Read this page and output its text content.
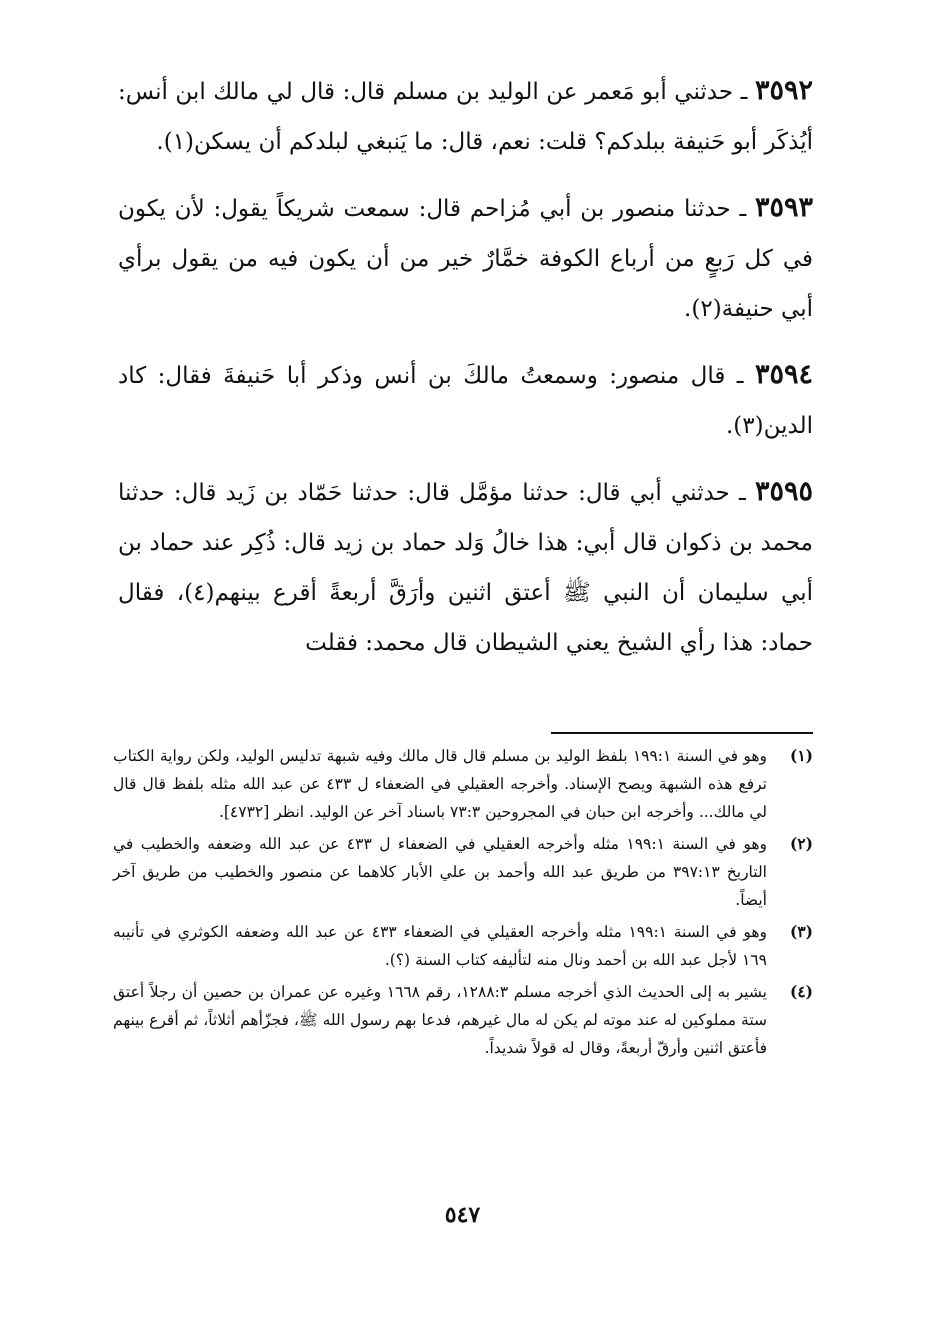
٣٥٩٢ ـ حدثني أبو مَعمر عن الوليد بن مسلم قال: قال لي مالك ابن أنس: أيُذكَر أبو حَنيفة ببلدكم؟ قلت: نعم، قال: ما يَنبغي لبلدكم أن يسكن(١).

٣٥٩٣ ـ حدثنا منصور بن أبي مُزاحم قال: سمعت شريكاً يقول: لأن يكون في كل رَبعٍ من أرباع الكوفة خمَّارٌ خير من أن يكون فيه من يقول برأي أبي حنيفة(٢).

٣٥٩٤ ـ قال منصور: وسمعتُ مالكَ بن أنس وذكر أبا حَنيفةَ فقال: كاد الدين(٣).

٣٥٩٥ ـ حدثني أبي قال: حدثنا مؤمَّل قال: حدثنا حَمّاد بن زَيد قال: حدثنا محمد بن ذكوان قال أبي: هذا خالُ وَلد حماد بن زيد قال: ذُكِر عند حماد بن أبي سليمان أن النبي ﷺ أعتق اثنين وأرَقَّ أربعةً أقرع بينهم(٤)، فقال حماد: هذا رأي الشيخ يعني الشيطان قال محمد: فقلت

(١)
وهو في السنة ١٩٩:١ بلفظ الوليد بن مسلم قال قال مالك وفيه شبهة تدليس الوليد، ولكن رواية الكتاب ترفع هذه الشبهة ويصح الإسناد. وأخرجه العقيلي في الضعفاء ل ٤٣٣ عن عبد الله مثله بلفظ قال قال لي مالك... وأخرجه ابن حبان في المجروحين ٧٣:٣ باسناد آخر عن الوليد. انظر [٤٧٣٢].
(٢)
وهو في السنة ١٩٩:١ مثله وأخرجه العقيلي في الضعفاء ل ٤٣٣ عن عبد الله وضعفه والخطيب في التاريخ ٣٩٧:١٣ من طريق عبد الله وأحمد بن علي الأبار كلاهما عن منصور والخطيب من طريق آخر أيضاً.
(٣)
وهو في السنة ١٩٩:١ مثله وأخرجه العقيلي في الضعفاء ٤٣٣ عن عبد الله وضعفه الكوثري في تأنيبه ١٦٩ لأجل عبد الله بن أحمد ونال منه لتأليفه كتاب السنة (؟).
(٤)
يشير به إلى الحديث الذي أخرجه مسلم ١٢٨٨:٣، رقم ١٦٦٨ وغيره عن عمران بن حصين أن رجلاً أعتق ستة مملوكين له عند موته لم يكن له مال غيرهم، فدعا بهم رسول الله ﷺ، فجزّأهم أثلاثاً، ثم أقرع بينهم فأعتق اثنين وأرقّ أربعةً، وقال له قولاً شديداً.
٥٤٧
